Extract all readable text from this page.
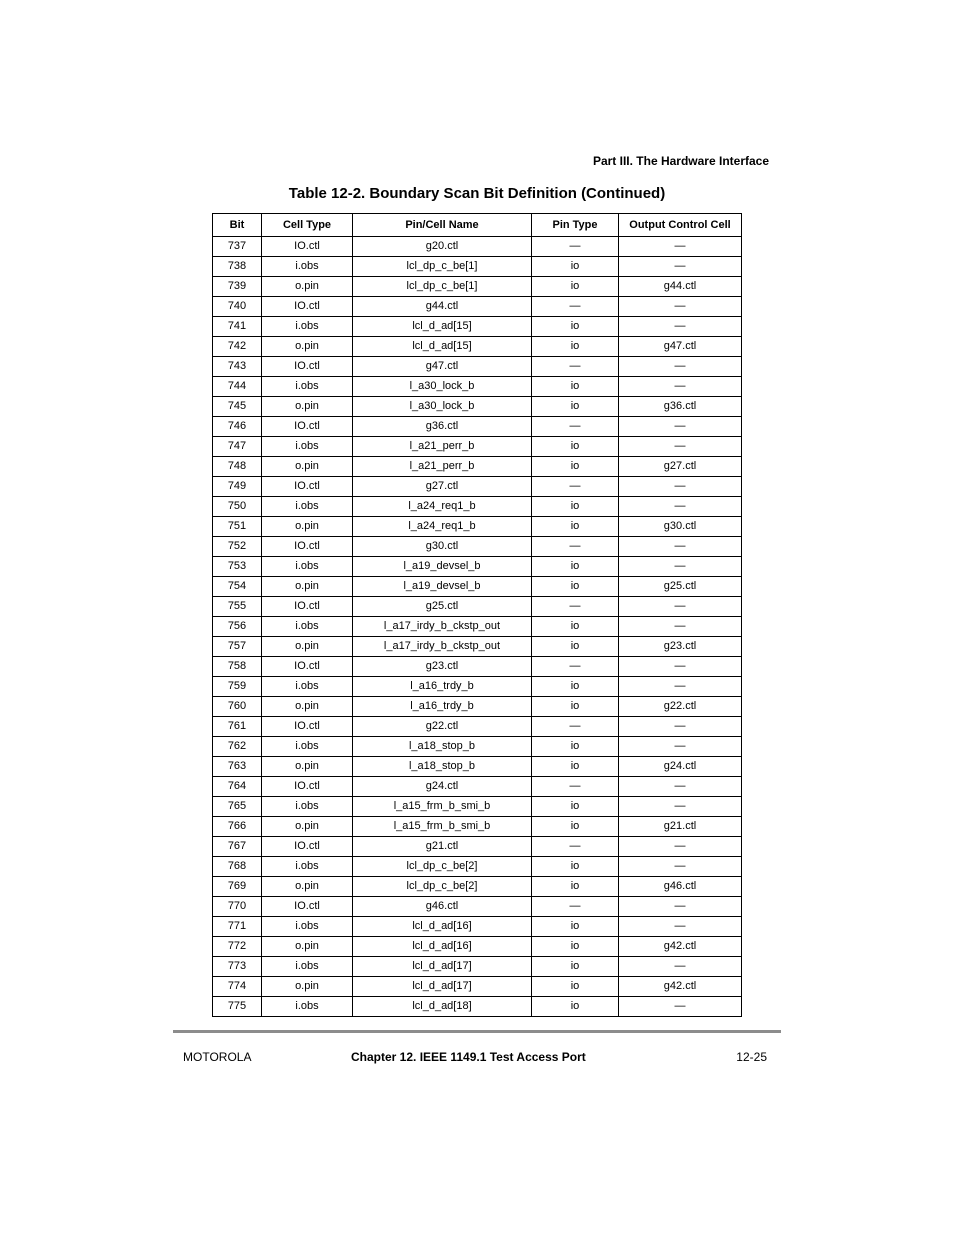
Part III. The Hardware Interface
Table 12-2. Boundary Scan Bit Definition (Continued)
Bit	Cell Type	Pin/Cell Name	Pin Type	Output Control Cell
737	IO.ctl	g20.ctl	—	—
738	i.obs	lcl_dp_c_be[1]	io	—
739	o.pin	lcl_dp_c_be[1]	io	g44.ctl
740	IO.ctl	g44.ctl	—	—
741	i.obs	lcl_d_ad[15]	io	—
742	o.pin	lcl_d_ad[15]	io	g47.ctl
743	IO.ctl	g47.ctl	—	—
744	i.obs	l_a30_lock_b	io	—
745	o.pin	l_a30_lock_b	io	g36.ctl
746	IO.ctl	g36.ctl	—	—
747	i.obs	l_a21_perr_b	io	—
748	o.pin	l_a21_perr_b	io	g27.ctl
749	IO.ctl	g27.ctl	—	—
750	i.obs	l_a24_req1_b	io	—
751	o.pin	l_a24_req1_b	io	g30.ctl
752	IO.ctl	g30.ctl	—	—
753	i.obs	l_a19_devsel_b	io	—
754	o.pin	l_a19_devsel_b	io	g25.ctl
755	IO.ctl	g25.ctl	—	—
756	i.obs	l_a17_irdy_b_ckstp_out	io	—
757	o.pin	l_a17_irdy_b_ckstp_out	io	g23.ctl
758	IO.ctl	g23.ctl	—	—
759	i.obs	l_a16_trdy_b	io	—
760	o.pin	l_a16_trdy_b	io	g22.ctl
761	IO.ctl	g22.ctl	—	—
762	i.obs	l_a18_stop_b	io	—
763	o.pin	l_a18_stop_b	io	g24.ctl
764	IO.ctl	g24.ctl	—	—
765	i.obs	l_a15_frm_b_smi_b	io	—
766	o.pin	l_a15_frm_b_smi_b	io	g21.ctl
767	IO.ctl	g21.ctl	—	—
768	i.obs	lcl_dp_c_be[2]	io	—
769	o.pin	lcl_dp_c_be[2]	io	g46.ctl
770	IO.ctl	g46.ctl	—	—
771	i.obs	lcl_d_ad[16]	io	—
772	o.pin	lcl_d_ad[16]	io	g42.ctl
773	i.obs	lcl_d_ad[17]	io	—
774	o.pin	lcl_d_ad[17]	io	g42.ctl
775	i.obs	lcl_d_ad[18]	io	—
MOTOROLA	Chapter 12. IEEE 1149.1 Test Access Port	12-25
